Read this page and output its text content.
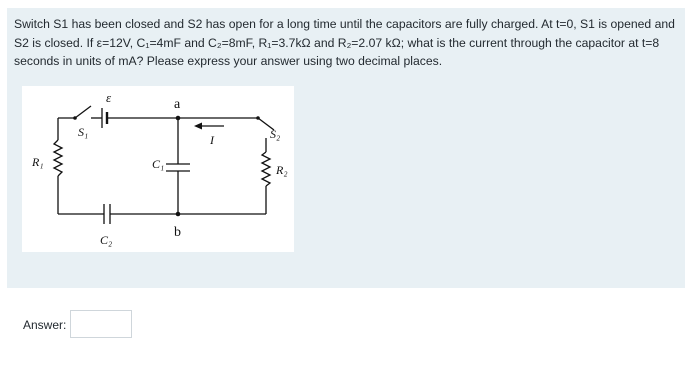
Switch S1 has been closed and S2 has open for a long time until the capacitors are fully charged. At t=0, S1 is opened and S2 is closed. If ε=12V, C₁=4mF and C₂=8mF, R₁=3.7kΩ and R₂=2.07 kΩ; what is the current through the capacitor at t=8 seconds in units of mA? Please express your answer using two decimal places.

ε
S₁
a
I	S₂
C₁
R₁
R₂
b
C₂
Answer:
